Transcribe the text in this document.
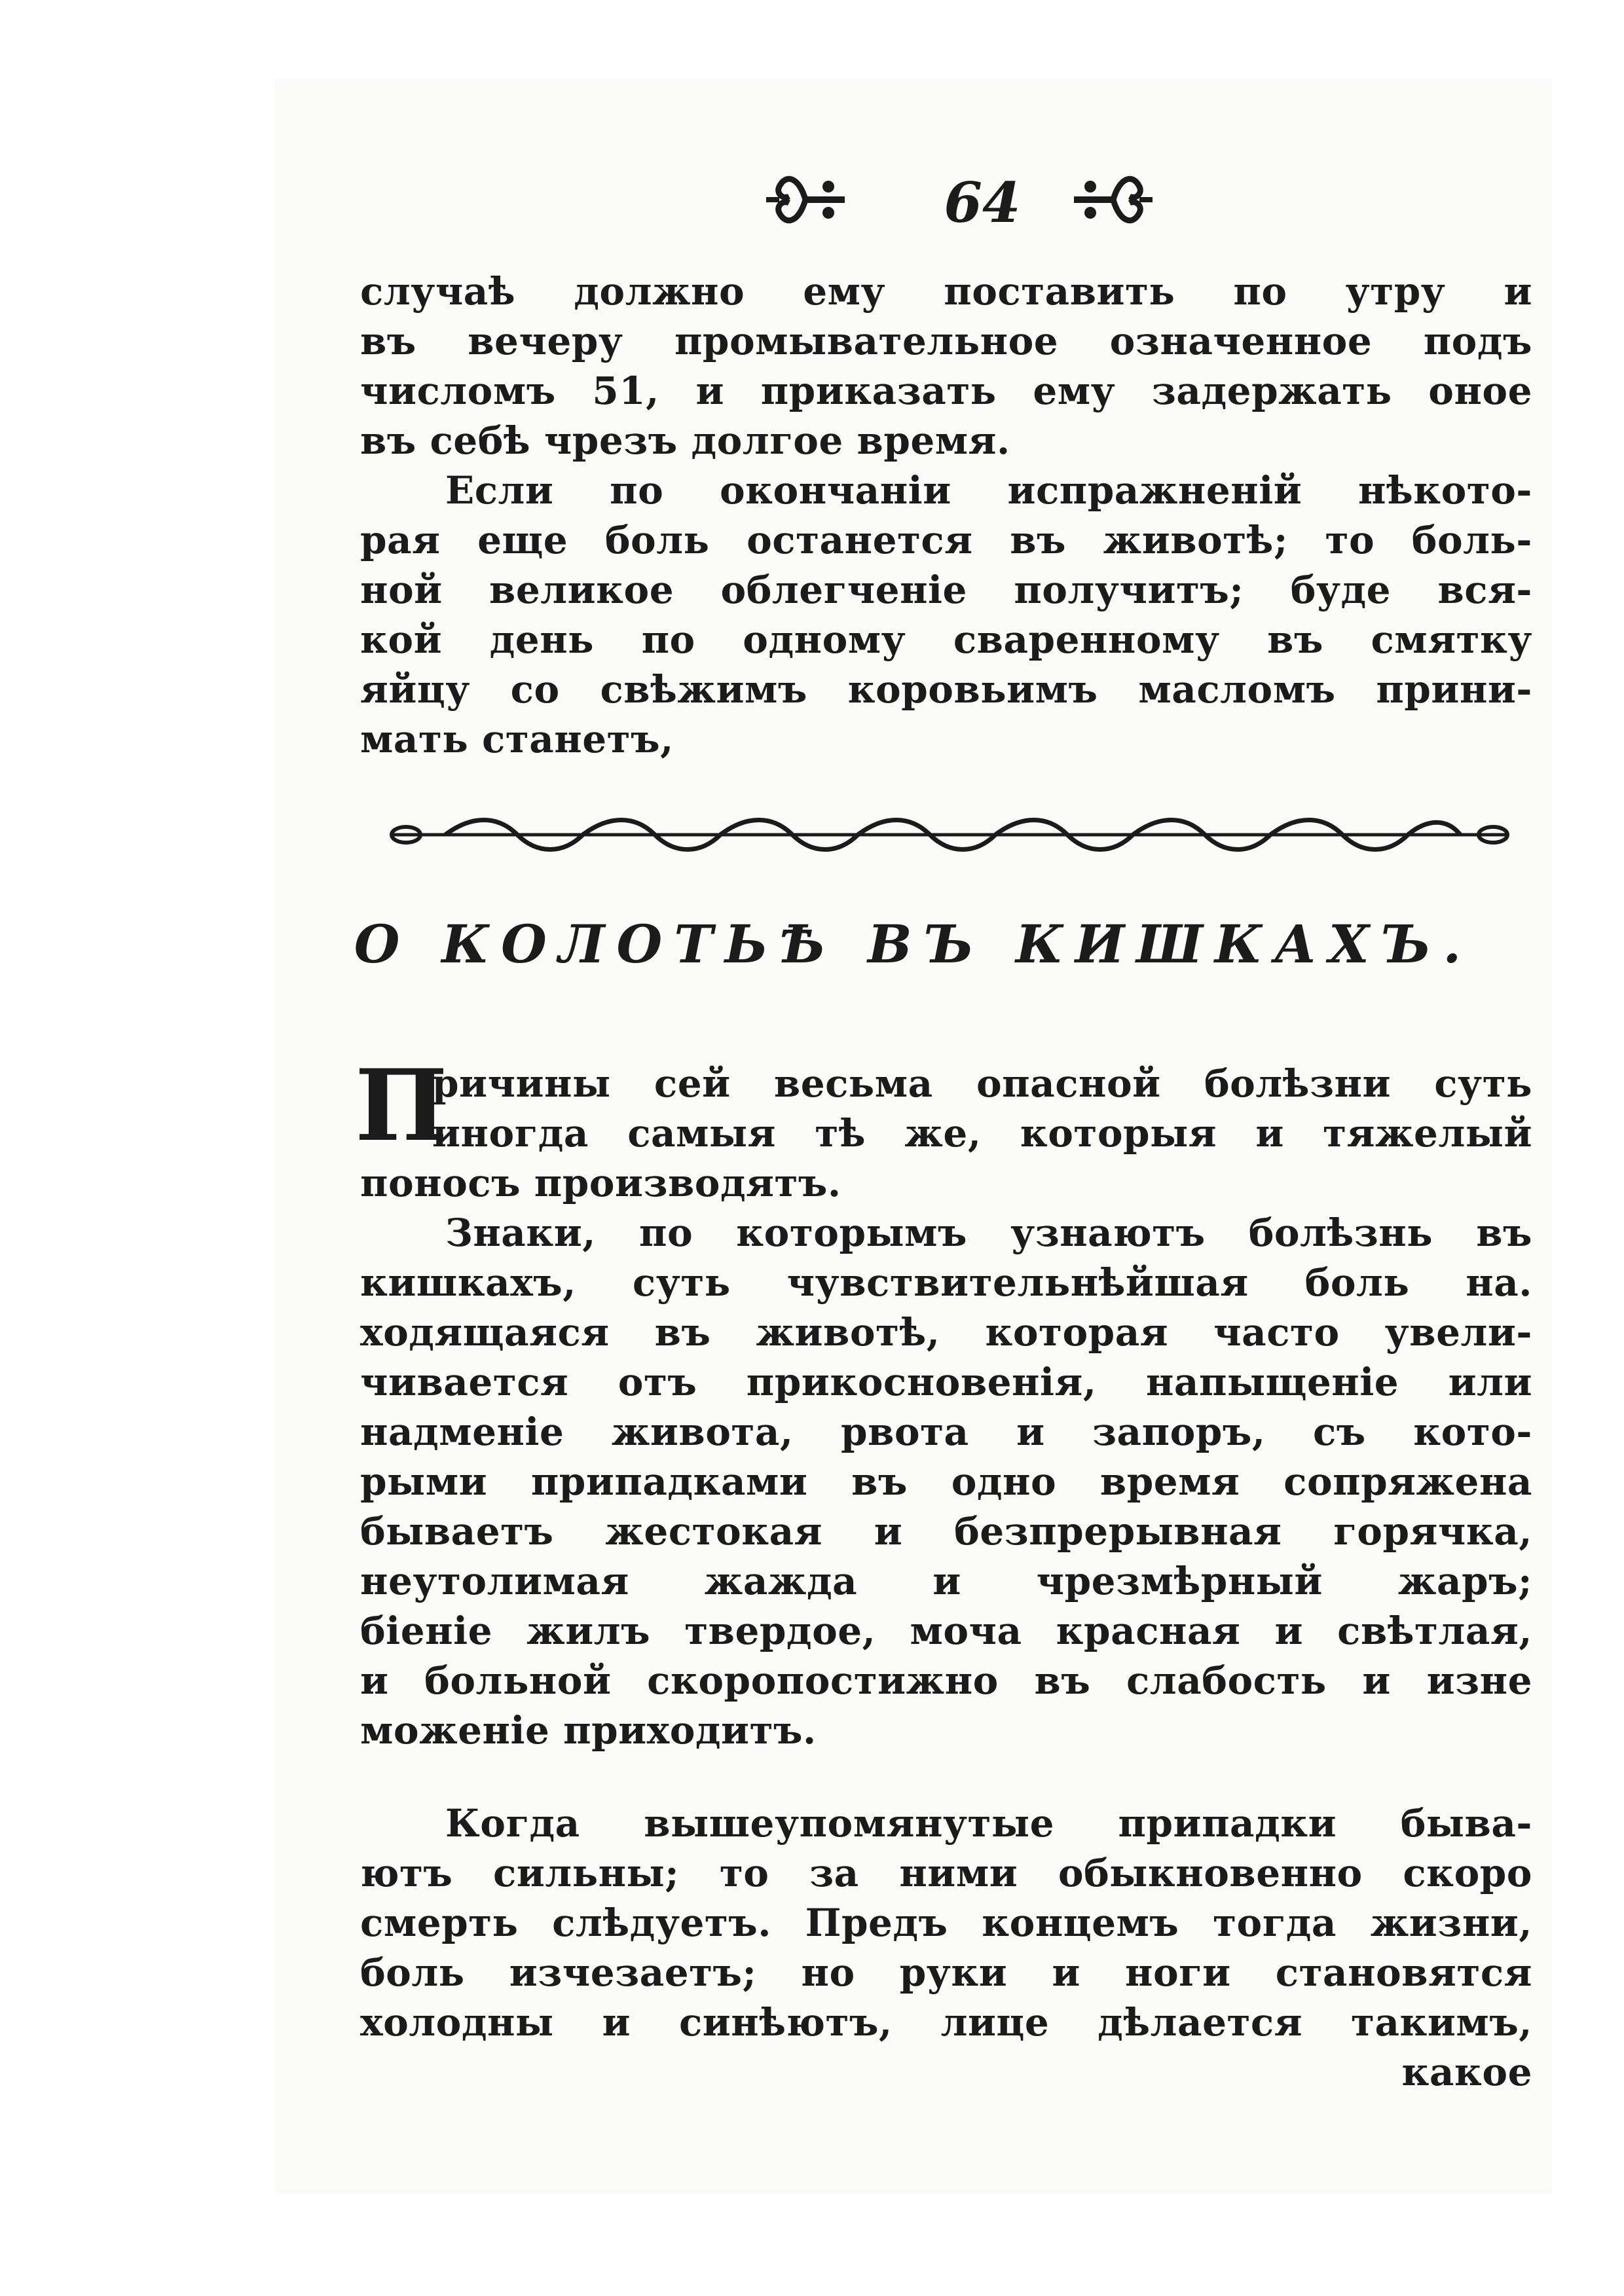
64
случаѣ должно ему поставить по утру и
въ вечеру промывательное означенное подъ
числомъ 51, и приказать ему задержать оное
въ себѣ чрезъ долгое время.
Если по окончанiи испражненiй нѣкото-
рая еще боль останется въ животѣ; то боль-
ной великое облегченiе получитъ; буде вся-
кой день по одному сваренному въ смятку
яйцу со свѣжимъ коровьимъ масломъ прини-
мать станетъ,
О КОЛОТЬѢ ВЪ КИШКАХЪ.
П
ричины сей весьма опасной болѣзни суть
иногда самыя тѣ же, которыя и тяжелый
поносъ производятъ.
Знаки, по которымъ узнаютъ болѣзнь въ
кишкахъ, суть чувствительнѣйшая боль на.
ходящаяся въ животѣ, которая часто увели-
чивается отъ прикосновенiя, напыщенiе или
надменiе живота, рвота и запоръ, съ кото-
рыми припадками въ одно время сопряжена
бываетъ жестокая и безпрерывная горячка,
неутолимая жажда и чрезмѣрный жаръ;
бiенiе жилъ твердое, моча красная и свѣтлая,
и больной скоропостижно въ слабость и изне
моженiе приходитъ.
Когда вышеупомянутые припадки быва-
ютъ сильны; то за ними обыкновенно скоро
смерть слѣдуетъ. Предъ концемъ тогда жизни,
боль изчезаетъ; но руки и ноги становятся
холодны и синѣютъ, лице дѣлается такимъ,
какое
